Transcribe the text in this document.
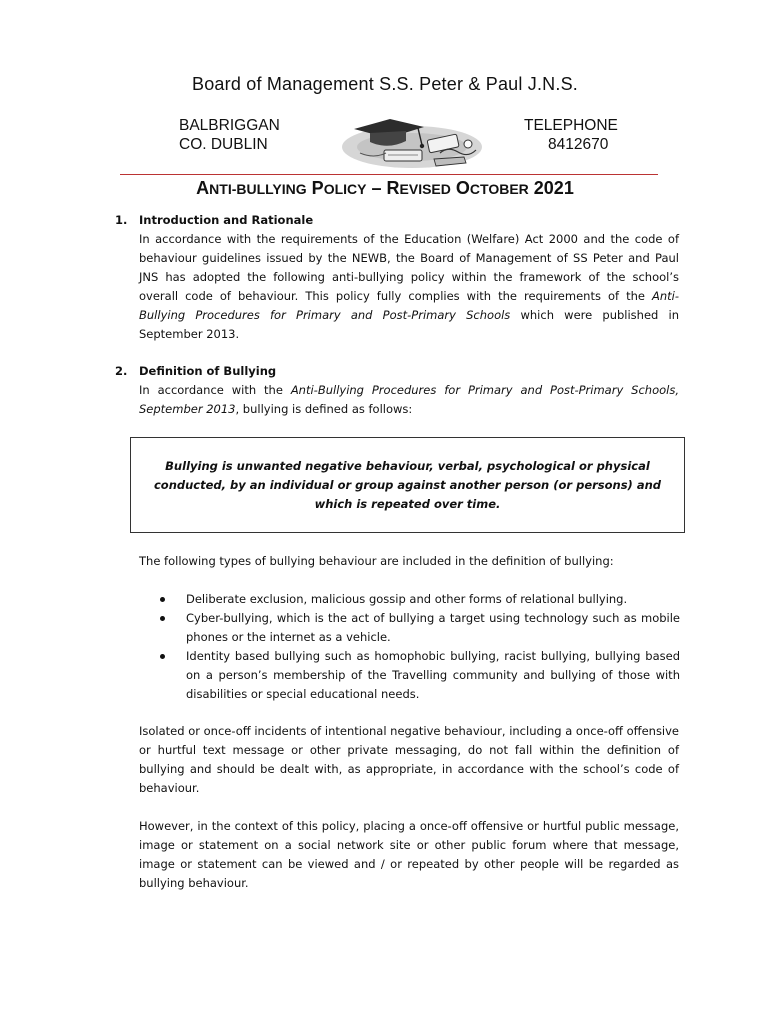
Board of Management S.S. Peter & Paul J.N.S.
BALBRIGGAN
CO. DUBLIN
TELEPHONE
8412670
ANTI-BULLYING POLICY – REVISED OCTOBER 2021
1. Introduction and Rationale
In accordance with the requirements of the Education (Welfare) Act 2000 and the code of behaviour guidelines issued by the NEWB, the Board of Management of SS Peter and Paul JNS has adopted the following anti-bullying policy within the framework of the school’s overall code of behaviour. This policy fully complies with the requirements of the Anti-Bullying Procedures for Primary and Post-Primary Schools which were published in September 2013.
2. Definition of Bullying
In accordance with the Anti-Bullying Procedures for Primary and Post-Primary Schools, September 2013, bullying is defined as follows:
Bullying is unwanted negative behaviour, verbal, psychological or physical conducted, by an individual or group against another person (or persons) and which is repeated over time.
The following types of bullying behaviour are included in the definition of bullying:
Deliberate exclusion, malicious gossip and other forms of relational bullying.
Cyber-bullying, which is the act of bullying a target using technology such as mobile phones or the internet as a vehicle.
Identity based bullying such as homophobic bullying, racist bullying, bullying based on a person’s membership of the Travelling community and bullying of those with disabilities or special educational needs.
Isolated or once-off incidents of intentional negative behaviour, including a once-off offensive or hurtful text message or other private messaging, do not fall within the definition of bullying and should be dealt with, as appropriate, in accordance with the school’s code of behaviour.
However, in the context of this policy, placing a once-off offensive or hurtful public message, image or statement on a social network site or other public forum where that message, image or statement can be viewed and / or repeated by other people will be regarded as bullying behaviour.
